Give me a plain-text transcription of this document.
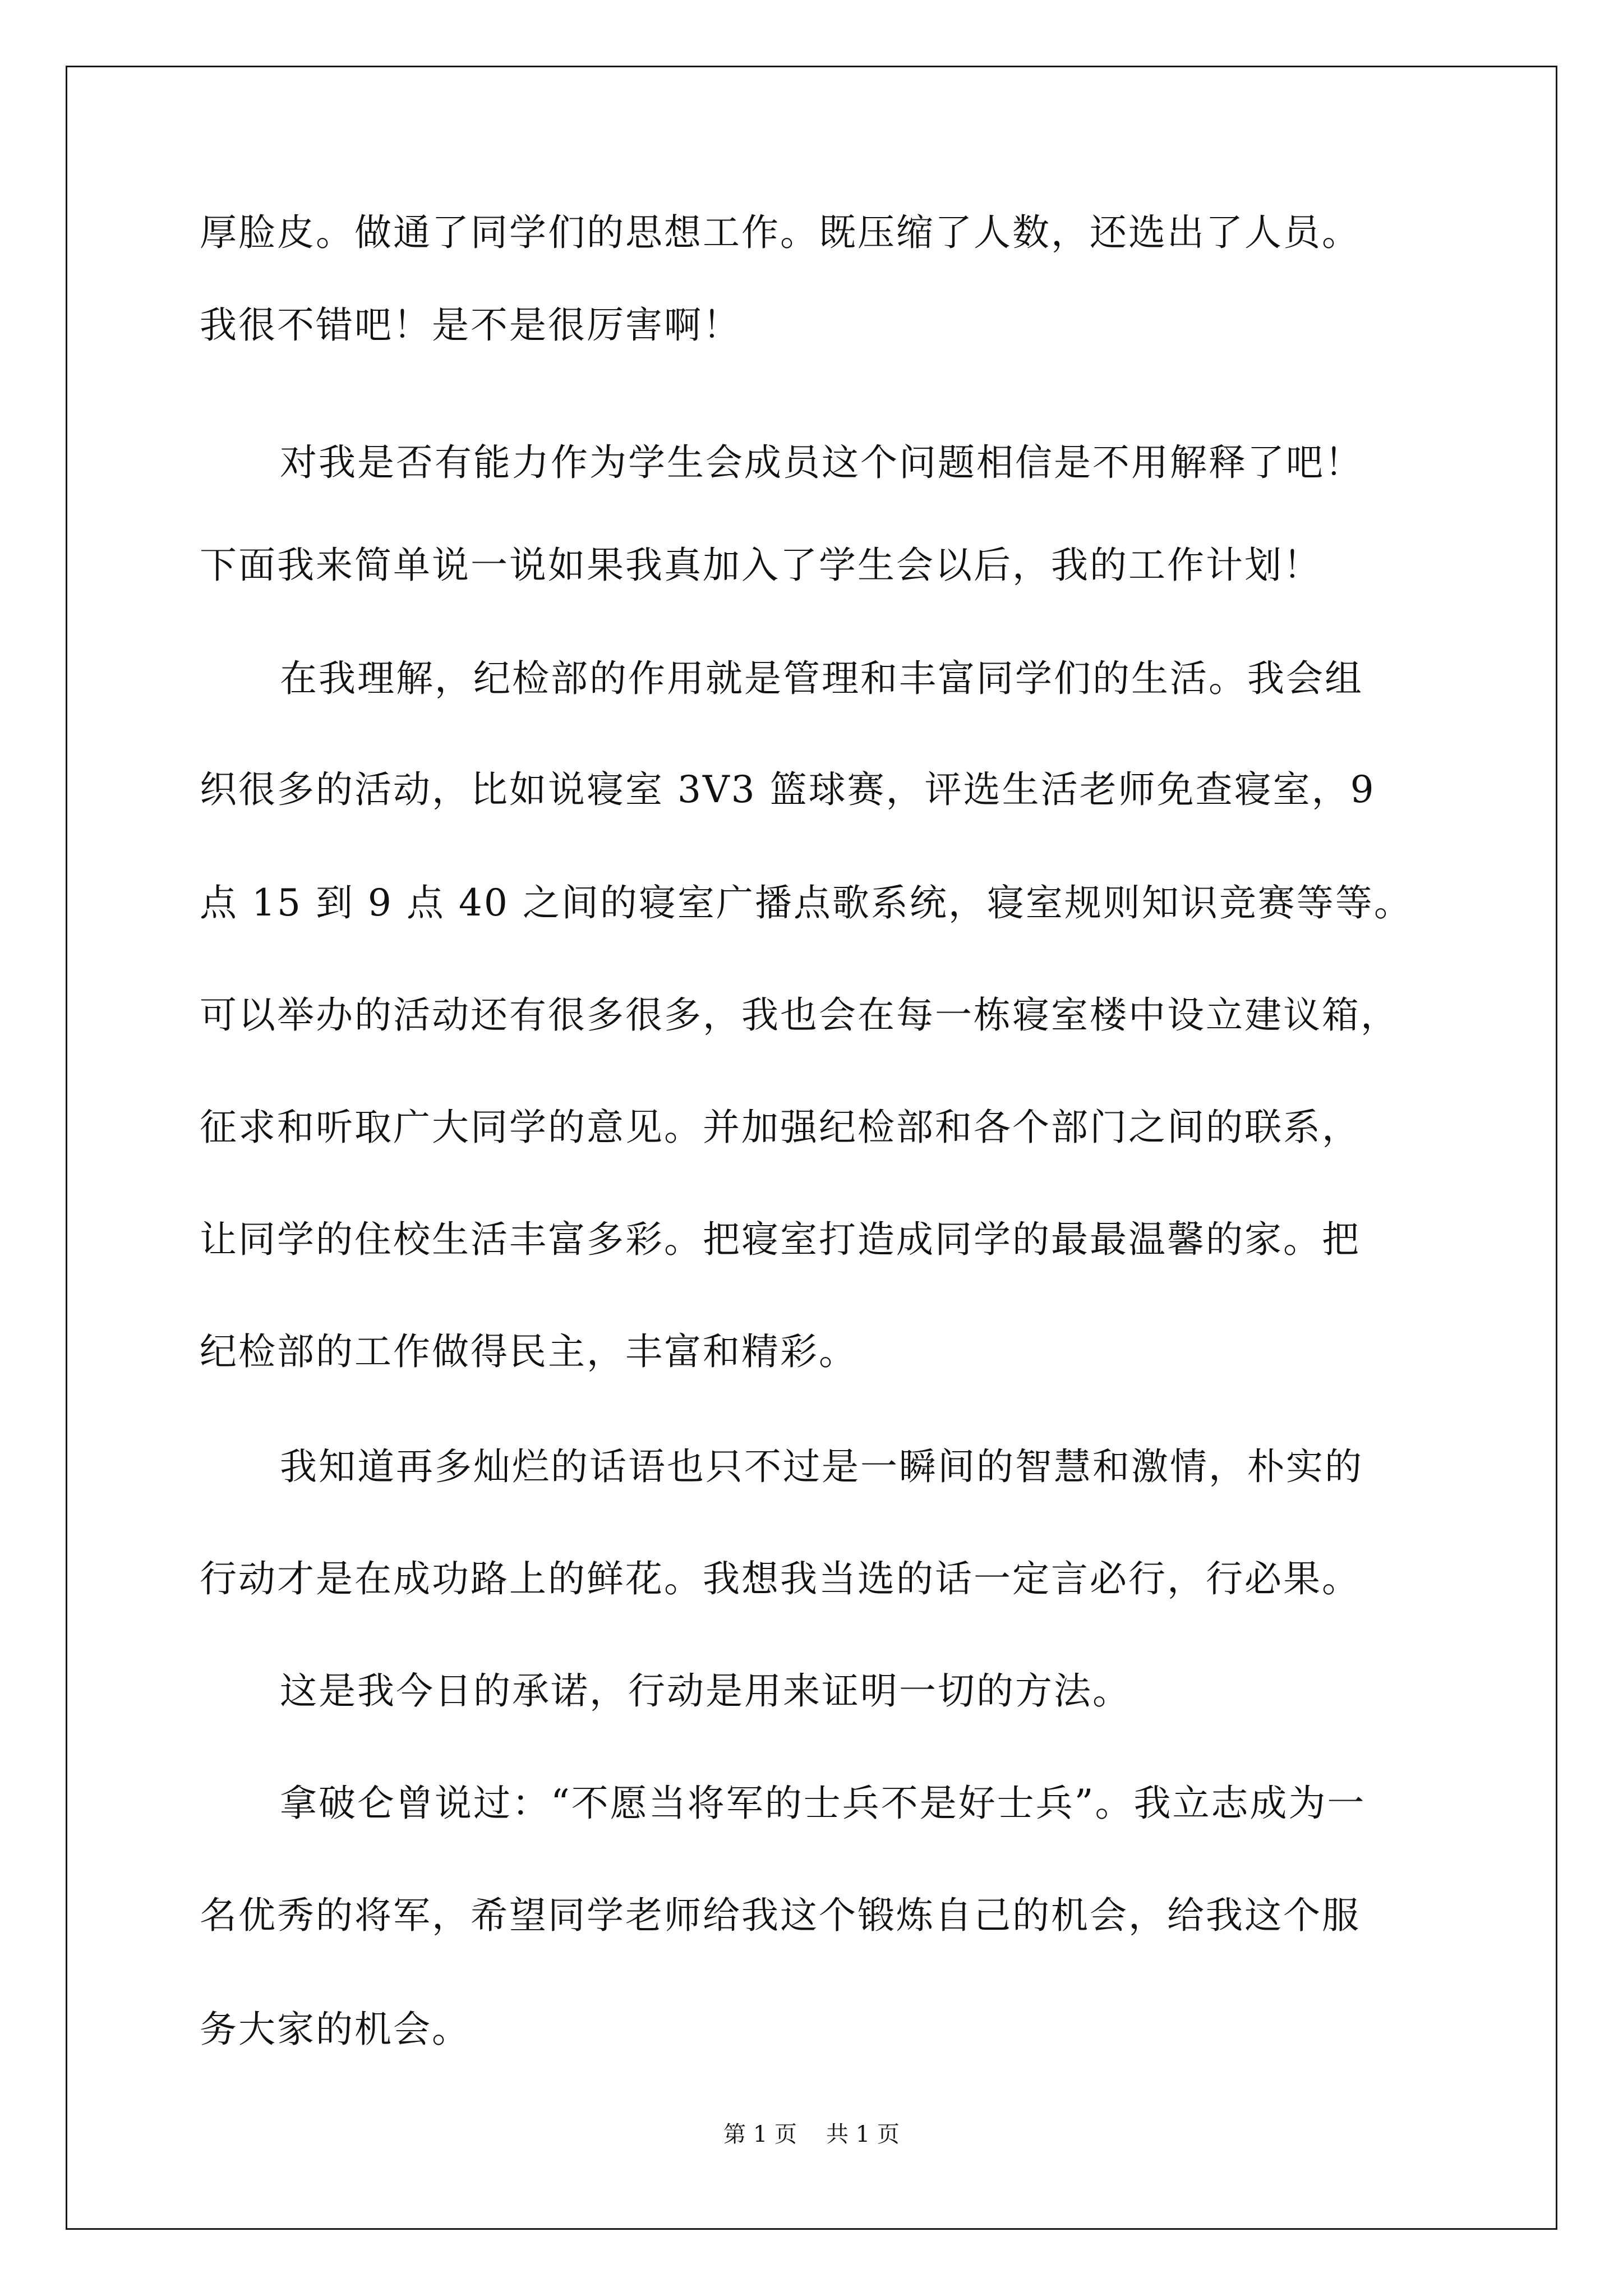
厚脸皮。做通了同学们的思想工作。既压缩了人数，还选出了人员。
我很不错吧！是不是很厉害啊！
对我是否有能力作为学生会成员这个问题相信是不用解释了吧！
下面我来简单说一说如果我真加入了学生会以后，我的工作计划！
在我理解，纪检部的作用就是管理和丰富同学们的生活。我会组
织很多的活动，比如说寝室 3V3 篮球赛，评选生活老师免查寝室，9
点 15 到 9 点 40 之间的寝室广播点歌系统，寝室规则知识竞赛等等。
可以举办的活动还有很多很多，我也会在每一栋寝室楼中设立建议箱，
征求和听取广大同学的意见。并加强纪检部和各个部门之间的联系，
让同学的住校生活丰富多彩。把寝室打造成同学的最最温馨的家。把
纪检部的工作做得民主，丰富和精彩。
我知道再多灿烂的话语也只不过是一瞬间的智慧和激情，朴实的
行动才是在成功路上的鲜花。我想我当选的话一定言必行，行必果。
这是我今日的承诺，行动是用来证明一切的方法。
拿破仑曾说过：“不愿当将军的士兵不是好士兵”。我立志成为一
名优秀的将军，希望同学老师给我这个锻炼自己的机会，给我这个服
务大家的机会。
第 1 页 共 1 页
